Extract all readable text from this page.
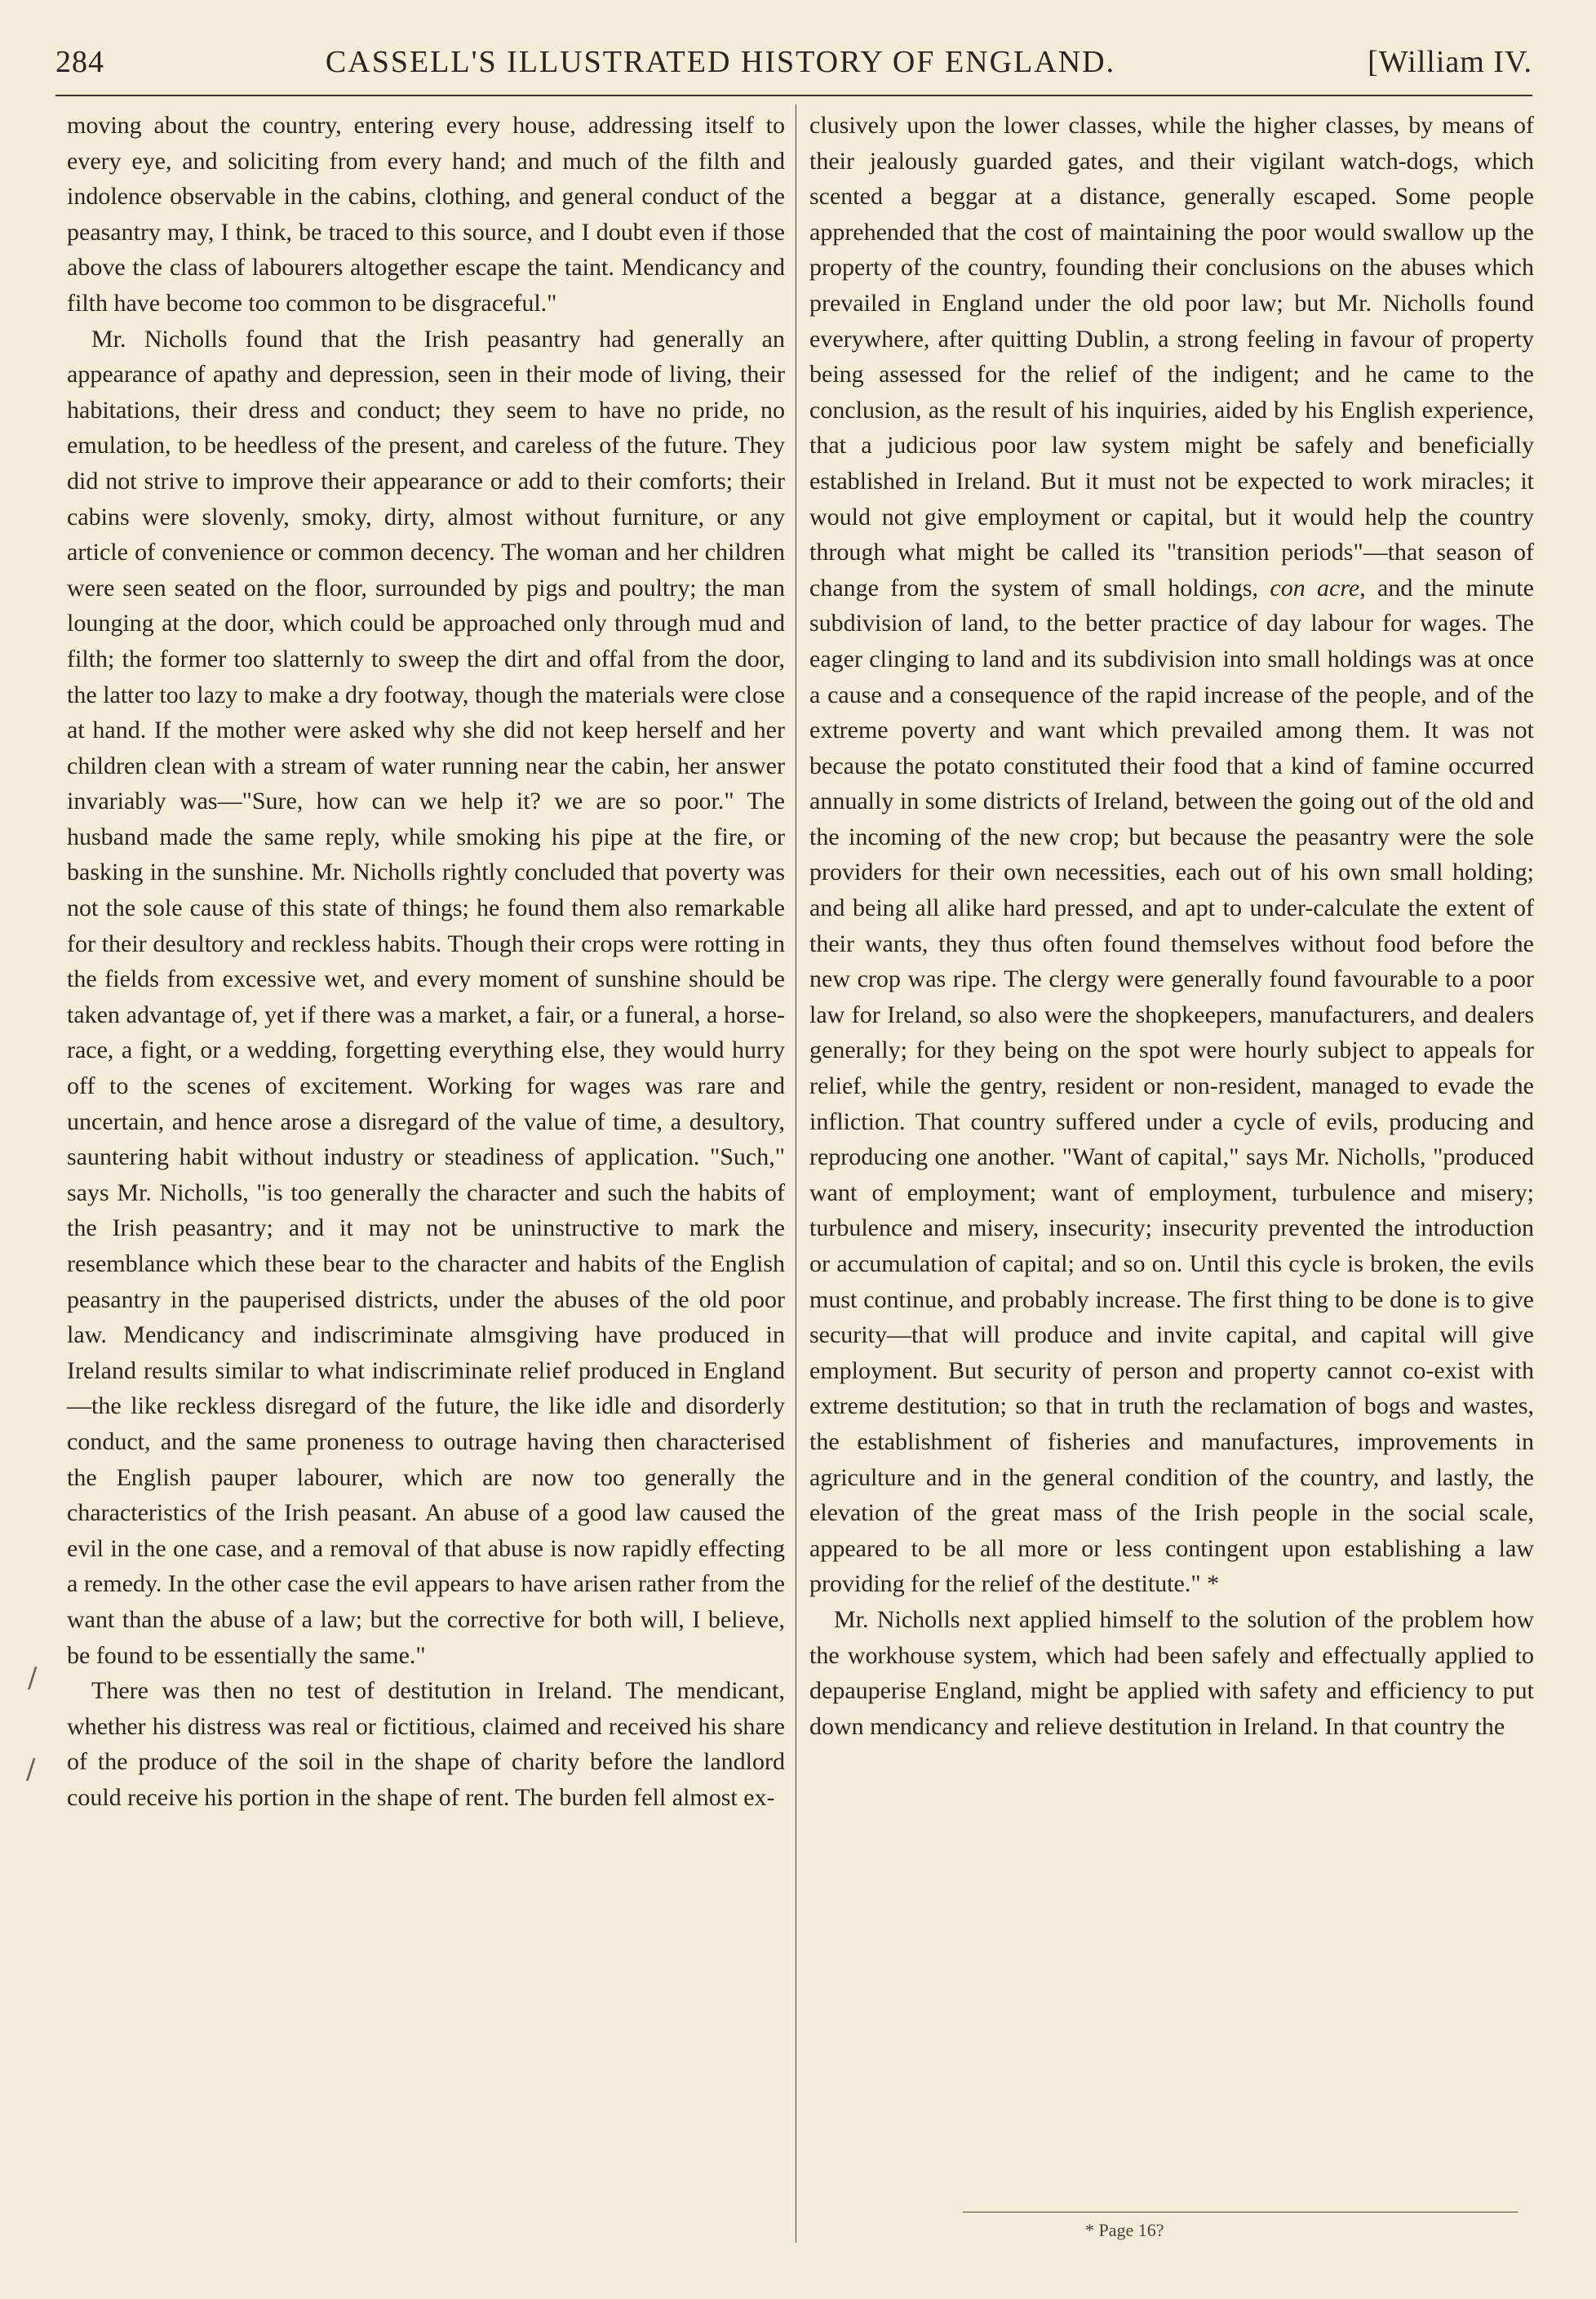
284	CASSELL'S ILLUSTRATED HISTORY OF ENGLAND.	[William IV.

moving about the country, entering every house, addressing itself to every eye, and soliciting from every hand; and much of the filth and indolence observable in the cabins, clothing, and general conduct of the peasantry may, I think, be traced to this source, and I doubt even if those above the class of labourers altogether escape the taint. Mendicancy and filth have become too common to be disgraceful."

Mr. Nicholls found that the Irish peasantry had generally an appearance of apathy and depression, seen in their mode of living, their habitations, their dress and conduct; they seem to have no pride, no emulation, to be heedless of the present, and careless of the future. They did not strive to improve their appearance or add to their comforts; their cabins were slovenly, smoky, dirty, almost without furniture, or any article of convenience or common decency. The woman and her children were seen seated on the floor, surrounded by pigs and poultry; the man lounging at the door, which could be approached only through mud and filth; the former too slatternly to sweep the dirt and offal from the door, the latter too lazy to make a dry footway, though the materials were close at hand. If the mother were asked why she did not keep herself and her children clean with a stream of water running near the cabin, her answer invariably was—"Sure, how can we help it? we are so poor." The husband made the same reply, while smoking his pipe at the fire, or basking in the sunshine. Mr. Nicholls rightly concluded that poverty was not the sole cause of this state of things; he found them also remarkable for their desultory and reckless habits. Though their crops were rotting in the fields from excessive wet, and every moment of sunshine should be taken advantage of, yet if there was a market, a fair, or a funeral, a horse-race, a fight, or a wedding, forgetting everything else, they would hurry off to the scenes of excitement. Working for wages was rare and uncertain, and hence arose a disregard of the value of time, a desultory, sauntering habit without industry or steadiness of application. "Such," says Mr. Nicholls, "is too generally the character and such the habits of the Irish peasantry; and it may not be uninstructive to mark the resemblance which these bear to the character and habits of the English peasantry in the pauperised districts, under the abuses of the old poor law. Mendicancy and indiscriminate almsgiving have produced in Ireland results similar to what indiscriminate relief produced in England—the like reckless disregard of the future, the like idle and disorderly conduct, and the same proneness to outrage having then characterised the English pauper labourer, which are now too generally the characteristics of the Irish peasant. An abuse of a good law caused the evil in the one case, and a removal of that abuse is now rapidly effecting a remedy. In the other case the evil appears to have arisen rather from the want than the abuse of a law; but the corrective for both will, I believe, be found to be essentially the same."

There was then no test of destitution in Ireland. The mendicant, whether his distress was real or fictitious, claimed and received his share of the produce of the soil in the shape of charity before the landlord could receive his portion in the shape of rent. The burden fell almost ex-

clusively upon the lower classes, while the higher classes, by means of their jealously guarded gates, and their vigilant watch-dogs, which scented a beggar at a distance, generally escaped. Some people apprehended that the cost of maintaining the poor would swallow up the property of the country, founding their conclusions on the abuses which prevailed in England under the old poor law; but Mr. Nicholls found everywhere, after quitting Dublin, a strong feeling in favour of property being assessed for the relief of the indigent; and he came to the conclusion, as the result of his inquiries, aided by his English experience, that a judicious poor law system might be safely and beneficially established in Ireland. But it must not be expected to work miracles; it would not give employment or capital, but it would help the country through what might be called its "transition periods"—that season of change from the system of small holdings, con acre, and the minute subdivision of land, to the better practice of day labour for wages. The eager clinging to land and its subdivision into small holdings was at once a cause and a consequence of the rapid increase of the people, and of the extreme poverty and want which prevailed among them. It was not because the potato constituted their food that a kind of famine occurred annually in some districts of Ireland, between the going out of the old and the incoming of the new crop; but because the peasantry were the sole providers for their own necessities, each out of his own small holding; and being all alike hard pressed, and apt to under-calculate the extent of their wants, they thus often found themselves without food before the new crop was ripe. The clergy were generally found favourable to a poor law for Ireland, so also were the shopkeepers, manufacturers, and dealers generally; for they being on the spot were hourly subject to appeals for relief, while the gentry, resident or non-resident, managed to evade the infliction. That country suffered under a cycle of evils, producing and reproducing one another. "Want of capital," says Mr. Nicholls, "produced want of employment; want of employment, turbulence and misery; turbulence and misery, insecurity; insecurity prevented the introduction or accumulation of capital; and so on. Until this cycle is broken, the evils must continue, and probably increase. The first thing to be done is to give security—that will produce and invite capital, and capital will give employment. But security of person and property cannot co-exist with extreme destitution; so that in truth the reclamation of bogs and wastes, the establishment of fisheries and manufactures, improvements in agriculture and in the general condition of the country, and lastly, the elevation of the great mass of the Irish people in the social scale, appeared to be all more or less contingent upon establishing a law providing for the relief of the destitute." *

Mr. Nicholls next applied himself to the solution of the problem how the workhouse system, which had been safely and effectually applied to depauperise England, might be applied with safety and efficiency to put down mendicancy and relieve destitution in Ireland. In that country the

* Page 16?
/
/
